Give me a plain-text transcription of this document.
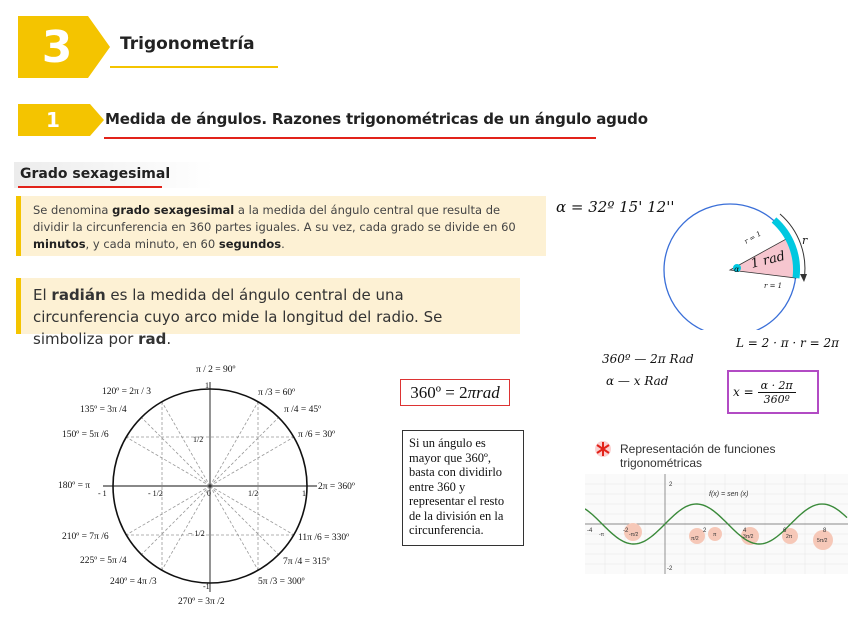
3	Trigonometría
1	Medida de ángulos. Razones trigonométricas de un ángulo agudo
Grado sexagesimal
Se denomina grado sexagesimal a la medida del ángulo central que resulta de dividir la circunferencia en 360 partes iguales. A su vez, cada grado se divide en 60 minutos, y cada minuto, en 60 segundos.
El radián es la medida del ángulo central de una circunferencia cuyo arco mide la longitud del radio. Se simboliza por rad.
1
-1
- 1	1
0
1/2
− 1/2
- 1/2	1/2
π / 2 = 90º
π /3 = 60º
π /4 = 45º
π /6 = 30º
2π = 360º
11π /6 = 330º
7π /4 = 315º
5π /3 = 300º
270º = 3π /2
240º = 4π /3
225º = 5π /4
210º = 7π /6
180º = π
150º = 5π /6
135º = 3π /4
120º = 2π / 3	360º = 2 π rad
Si un ángulo es mayor que 360º, basta con dividirlo entre 360 y representar el resto de la división en la circunferencia.
α = 32º 15' 12''
α 1 rad
r
r = 1
r = 1
360º — 2π Rad
α — x Rad
L = 2 · π · r = 2π
$x = \frac{\alpha \cdot 2\pi}{\text{360º}}$
Representación de funciones trigonométricas
2
-2
-4	-2	2	4	6	8
f(x) = sen (x)
-π	-π/2
π/2
π	3π/2	2π
5π/2
